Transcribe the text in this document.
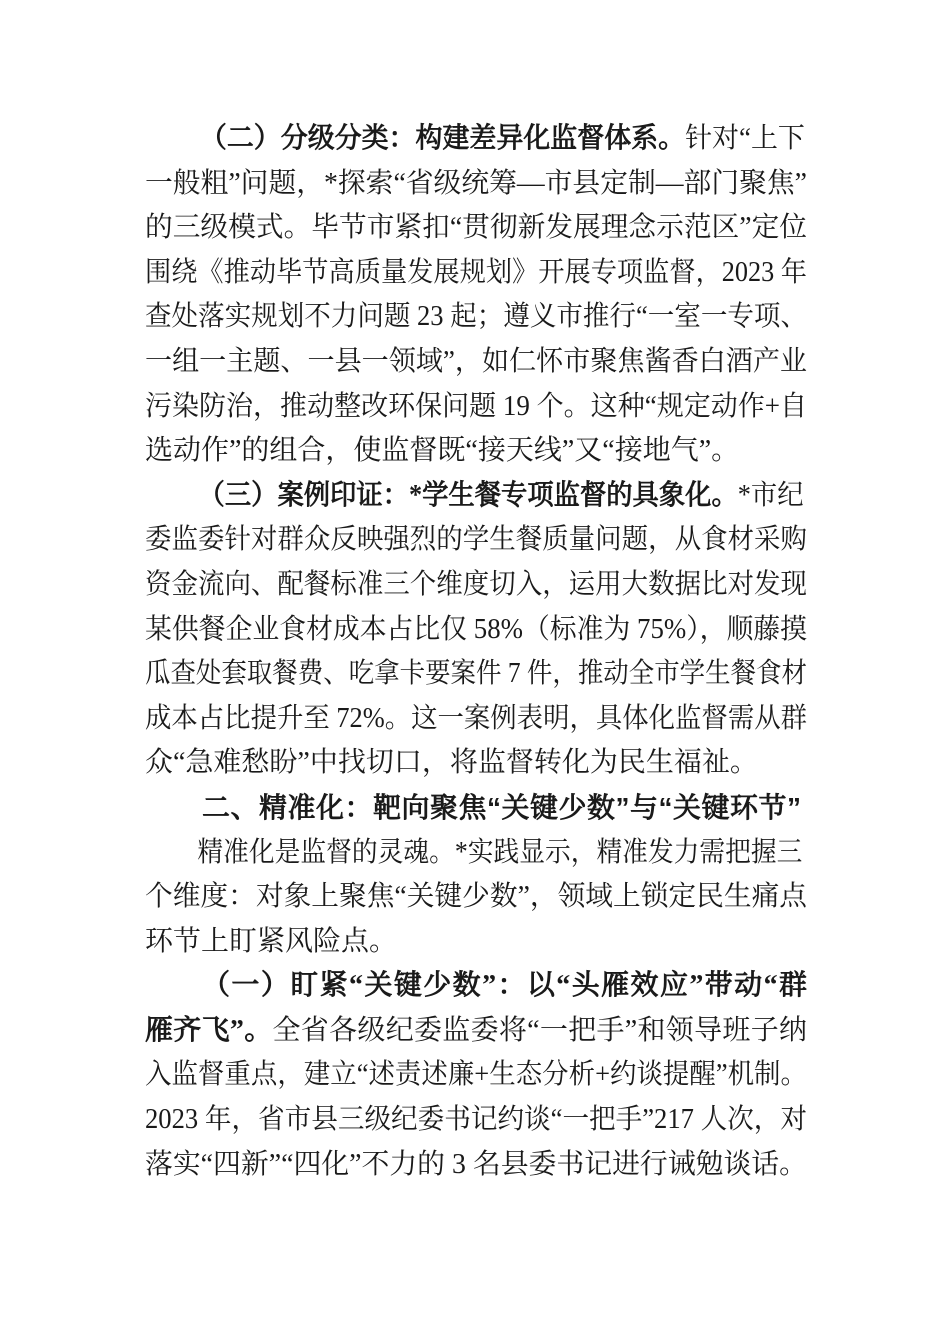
（二）分级分类：构建差异化监督体系。针对“上下
一般粗”问题，*探索“省级统筹—市县定制—部门聚焦”
的三级模式。毕节市紧扣“贯彻新发展理念示范区”定位
围绕《推动毕节高质量发展规划》开展专项监督，2023 年
查处落实规划不力问题 23 起；遵义市推行“一室一专项、
一组一主题、一县一领域”，如仁怀市聚焦酱香白酒产业
污染防治，推动整改环保问题 19 个。这种“规定动作+自
选动作”的组合，使监督既“接天线”又“接地气”。
（三）案例印证：*学生餐专项监督的具象化。*市纪
委监委针对群众反映强烈的学生餐质量问题，从食材采购
资金流向、配餐标准三个维度切入，运用大数据比对发现
某供餐企业食材成本占比仅 58%（标准为 75%），顺藤摸
瓜查处套取餐费、吃拿卡要案件 7 件，推动全市学生餐食材
成本占比提升至 72%。这一案例表明，具体化监督需从群
众“急难愁盼”中找切口，将监督转化为民生福祉。
二、精准化：靶向聚焦“关键少数”与“关键环节”
精准化是监督的灵魂。*实践显示，精准发力需把握三
个维度：对象上聚焦“关键少数”，领域上锁定民生痛点
环节上盯紧风险点。
（一）盯紧“关键少数”：以“头雁效应”带动“群
雁齐飞”。全省各级纪委监委将“一把手”和领导班子纳
入监督重点，建立“述责述廉+生态分析+约谈提醒”机制。
2023 年，省市县三级纪委书记约谈“一把手”217 人次，对
落实“四新”“四化”不力的 3 名县委书记进行诫勉谈话。
